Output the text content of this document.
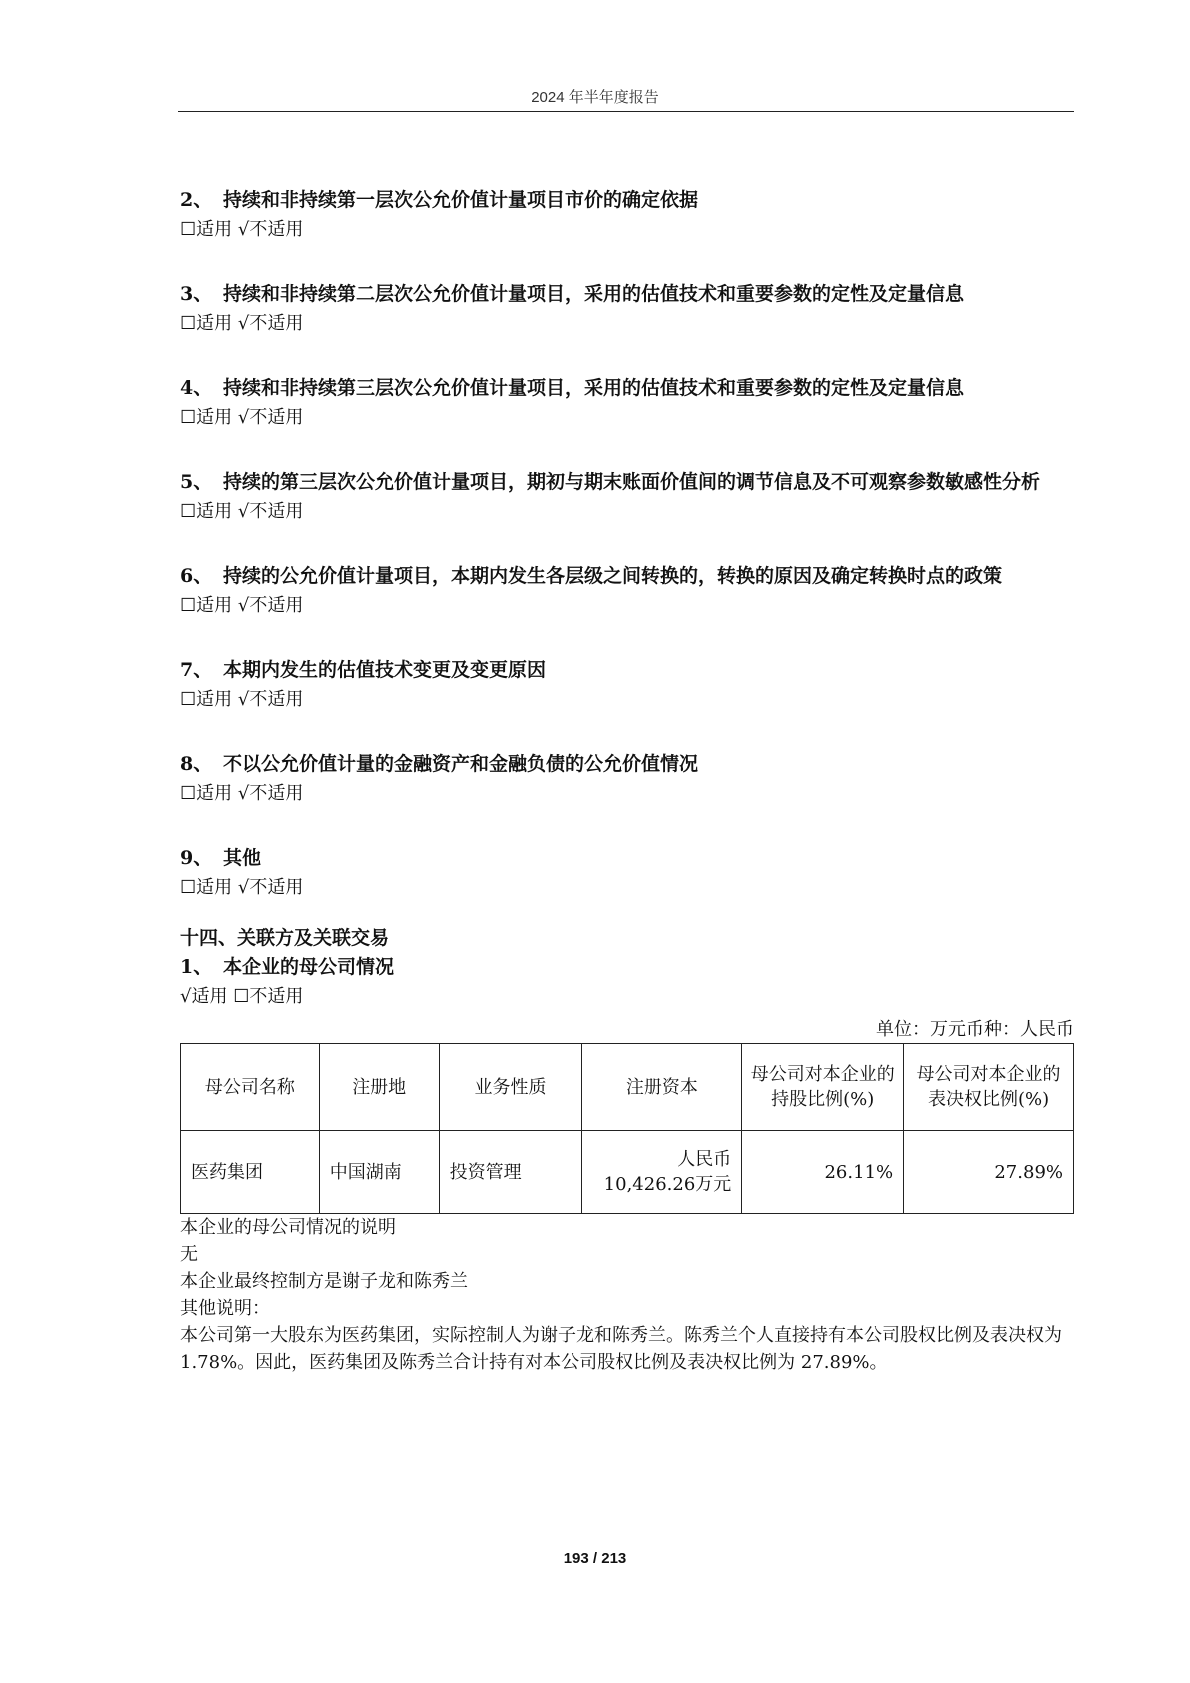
2024 年半年度报告
2、 持续和非持续第一层次公允价值计量项目市价的确定依据
☐适用 √不适用
3、 持续和非持续第二层次公允价值计量项目，采用的估值技术和重要参数的定性及定量信息
☐适用 √不适用
4、 持续和非持续第三层次公允价值计量项目，采用的估值技术和重要参数的定性及定量信息
☐适用 √不适用
5、 持续的第三层次公允价值计量项目，期初与期末账面价值间的调节信息及不可观察参数敏感性分析
☐适用 √不适用
6、 持续的公允价值计量项目，本期内发生各层级之间转换的，转换的原因及确定转换时点的政策
☐适用 √不适用
7、 本期内发生的估值技术变更及变更原因
☐适用 √不适用
8、 不以公允价值计量的金融资产和金融负债的公允价值情况
☐适用 √不适用
9、 其他
☐适用 √不适用
十四、关联方及关联交易
1、 本企业的母公司情况
√适用 ☐不适用
单位：万元币种：人民币
母公司名称	注册地	业务性质	注册资本	母公司对本企业的持股比例(%)	母公司对本企业的表决权比例(%)
医药集团	中国湖南	投资管理	人民币10,426.26万元	26.11%	27.89%
本企业的母公司情况的说明
无
本企业最终控制方是谢子龙和陈秀兰
其他说明：
本公司第一大股东为医药集团，实际控制人为谢子龙和陈秀兰。陈秀兰个人直接持有本公司股权比例及表决权为 1.78%。因此，医药集团及陈秀兰合计持有对本公司股权比例及表决权比例为 27.89%。
193 / 213
